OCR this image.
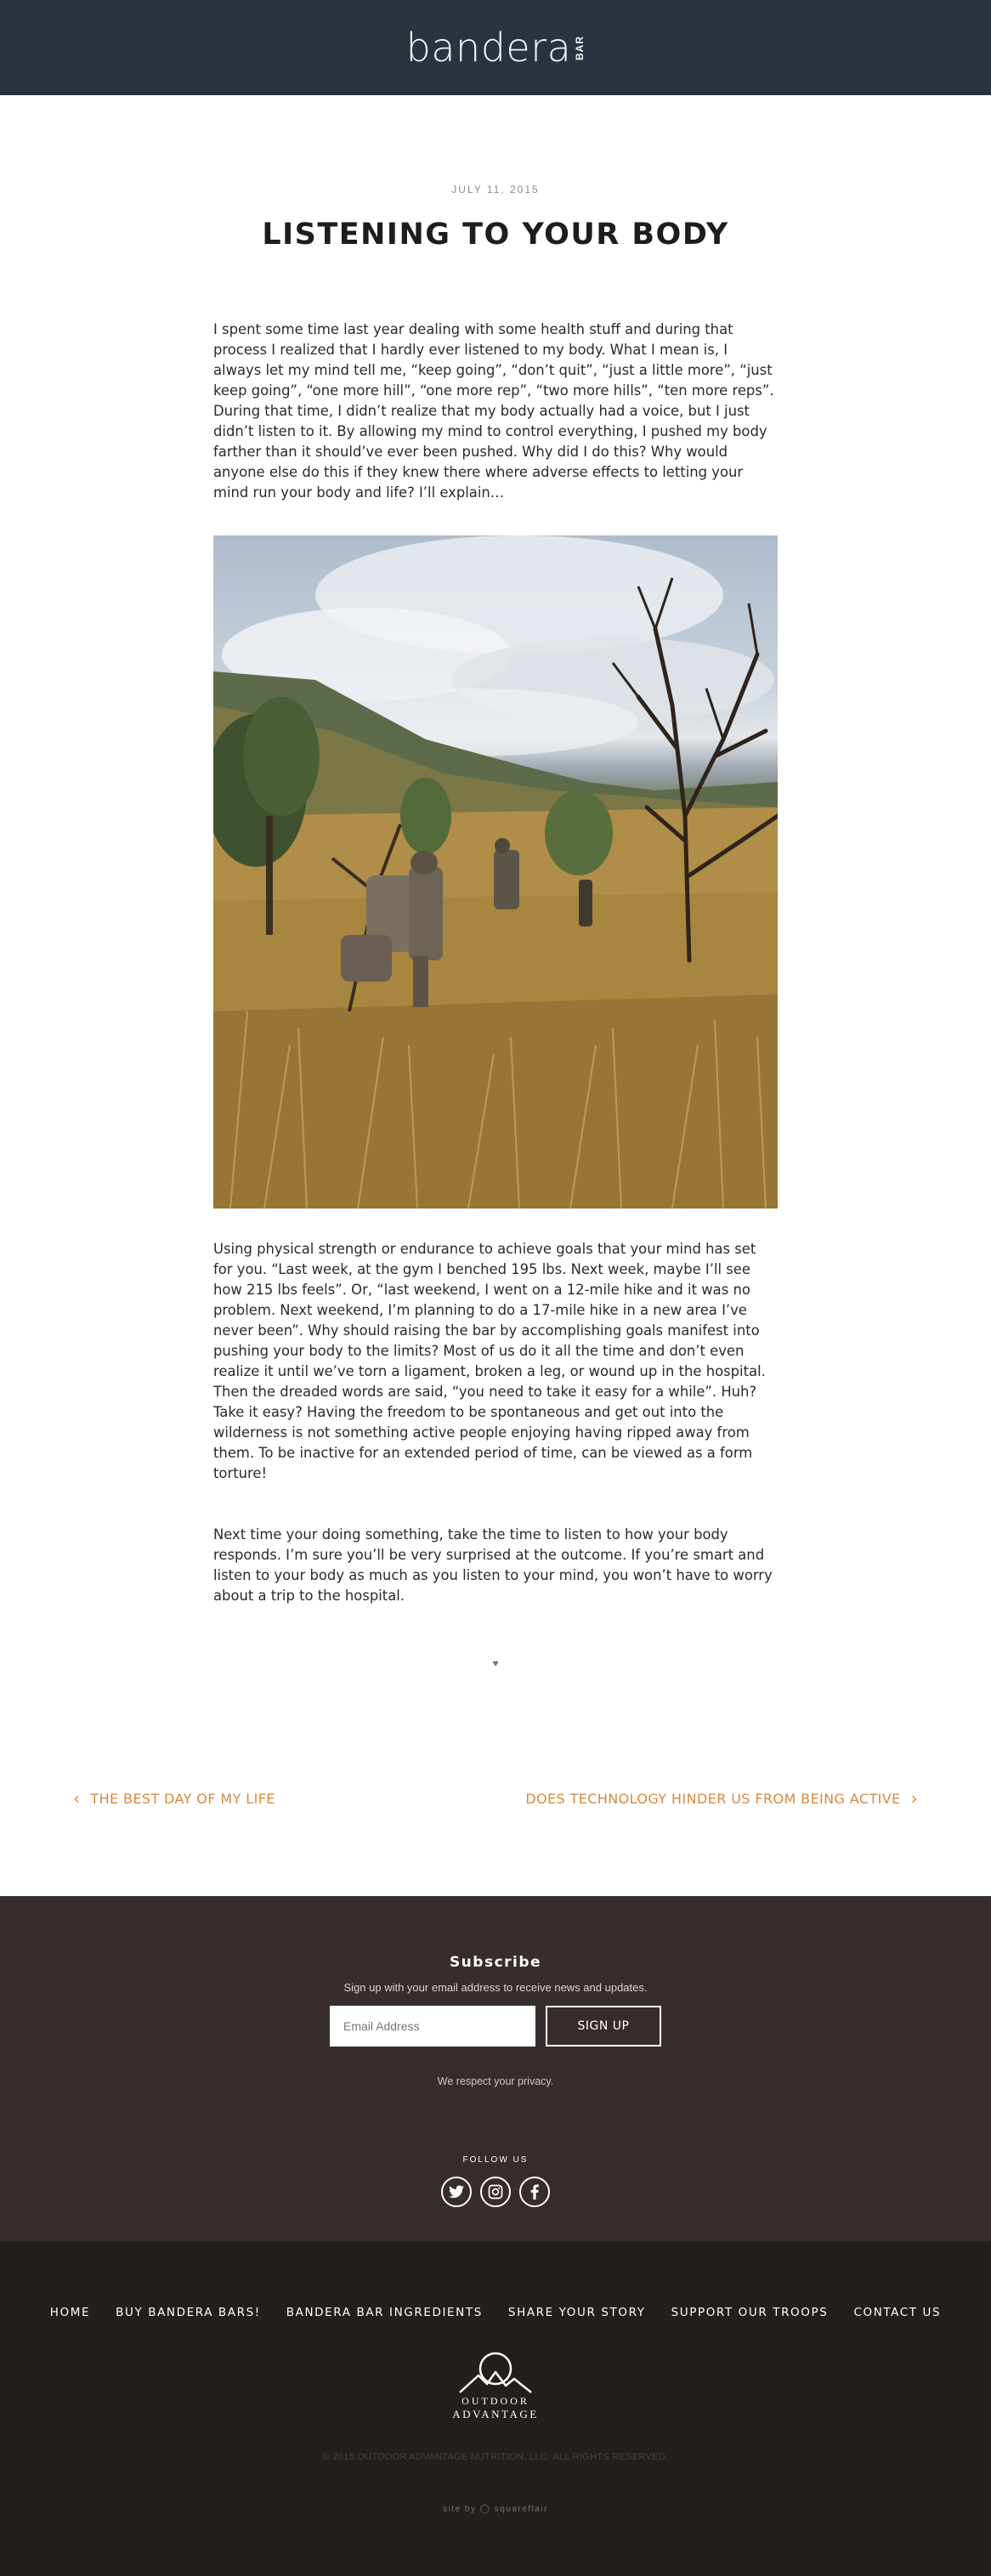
bandera BAR
JULY 11, 2015
LISTENING TO YOUR BODY

I spent some time last year dealing with some health stuff and during that process I realized that I hardly ever listened to my body. What I mean is, I always let my mind tell me, “keep going”, “don’t quit”, “just a little more”, “just keep going”, “one more hill”, “one more rep”, “two more hills”, “ten more reps”. During that time, I didn’t realize that my body actually had a voice, but I just didn’t listen to it. By allowing my mind to control everything, I pushed my body farther than it should’ve ever been pushed. Why did I do this? Why would anyone else do this if they knew there where adverse effects to letting your mind run your body and life? I’ll explain…

Using physical strength or endurance to achieve goals that your mind has set for you. “Last week, at the gym I benched 195 lbs. Next week, maybe I’ll see how 215 lbs feels”. Or, “last weekend, I went on a 12-mile hike and it was no problem. Next weekend, I’m planning to do a 17-mile hike in a new area I’ve never been”. Why should raising the bar by accomplishing goals manifest into pushing your body to the limits? Most of us do it all the time and don’t even realize it until we’ve torn a ligament, broken a leg, or wound up in the hospital. Then the dreaded words are said, “you need to take it easy for a while”. Huh? Take it easy? Having the freedom to be spontaneous and get out into the wilderness is not something active people enjoying having ripped away from them. To be inactive for an extended period of time, can be viewed as a form torture!

Next time your doing something, take the time to listen to how your body responds. I’m sure you’ll be very surprised at the outcome. If you’re smart and listen to your body as much as you listen to your mind, you won’t have to worry about a trip to the hospital.

♥
‹ THE BEST DAY OF MY LIFE	DOES TECHNOLOGY HINDER US FROM BEING ACTIVE ›
Subscribe
Sign up with your email address to receive news and updates.
Email Address
SIGN UP
We respect your privacy.
FOLLOW US
HOME BUY BANDERA BARS! BANDERA BAR INGREDIENTS SHARE YOUR STORY SUPPORT OUR TROOPS CONTACT US
OUTDOOR
ADVANTAGE
© 2015 OUTDOOR ADVANTAGE NUTRITION, LLC. ALL RIGHTS RESERVED.
site by ◯ squareflair
